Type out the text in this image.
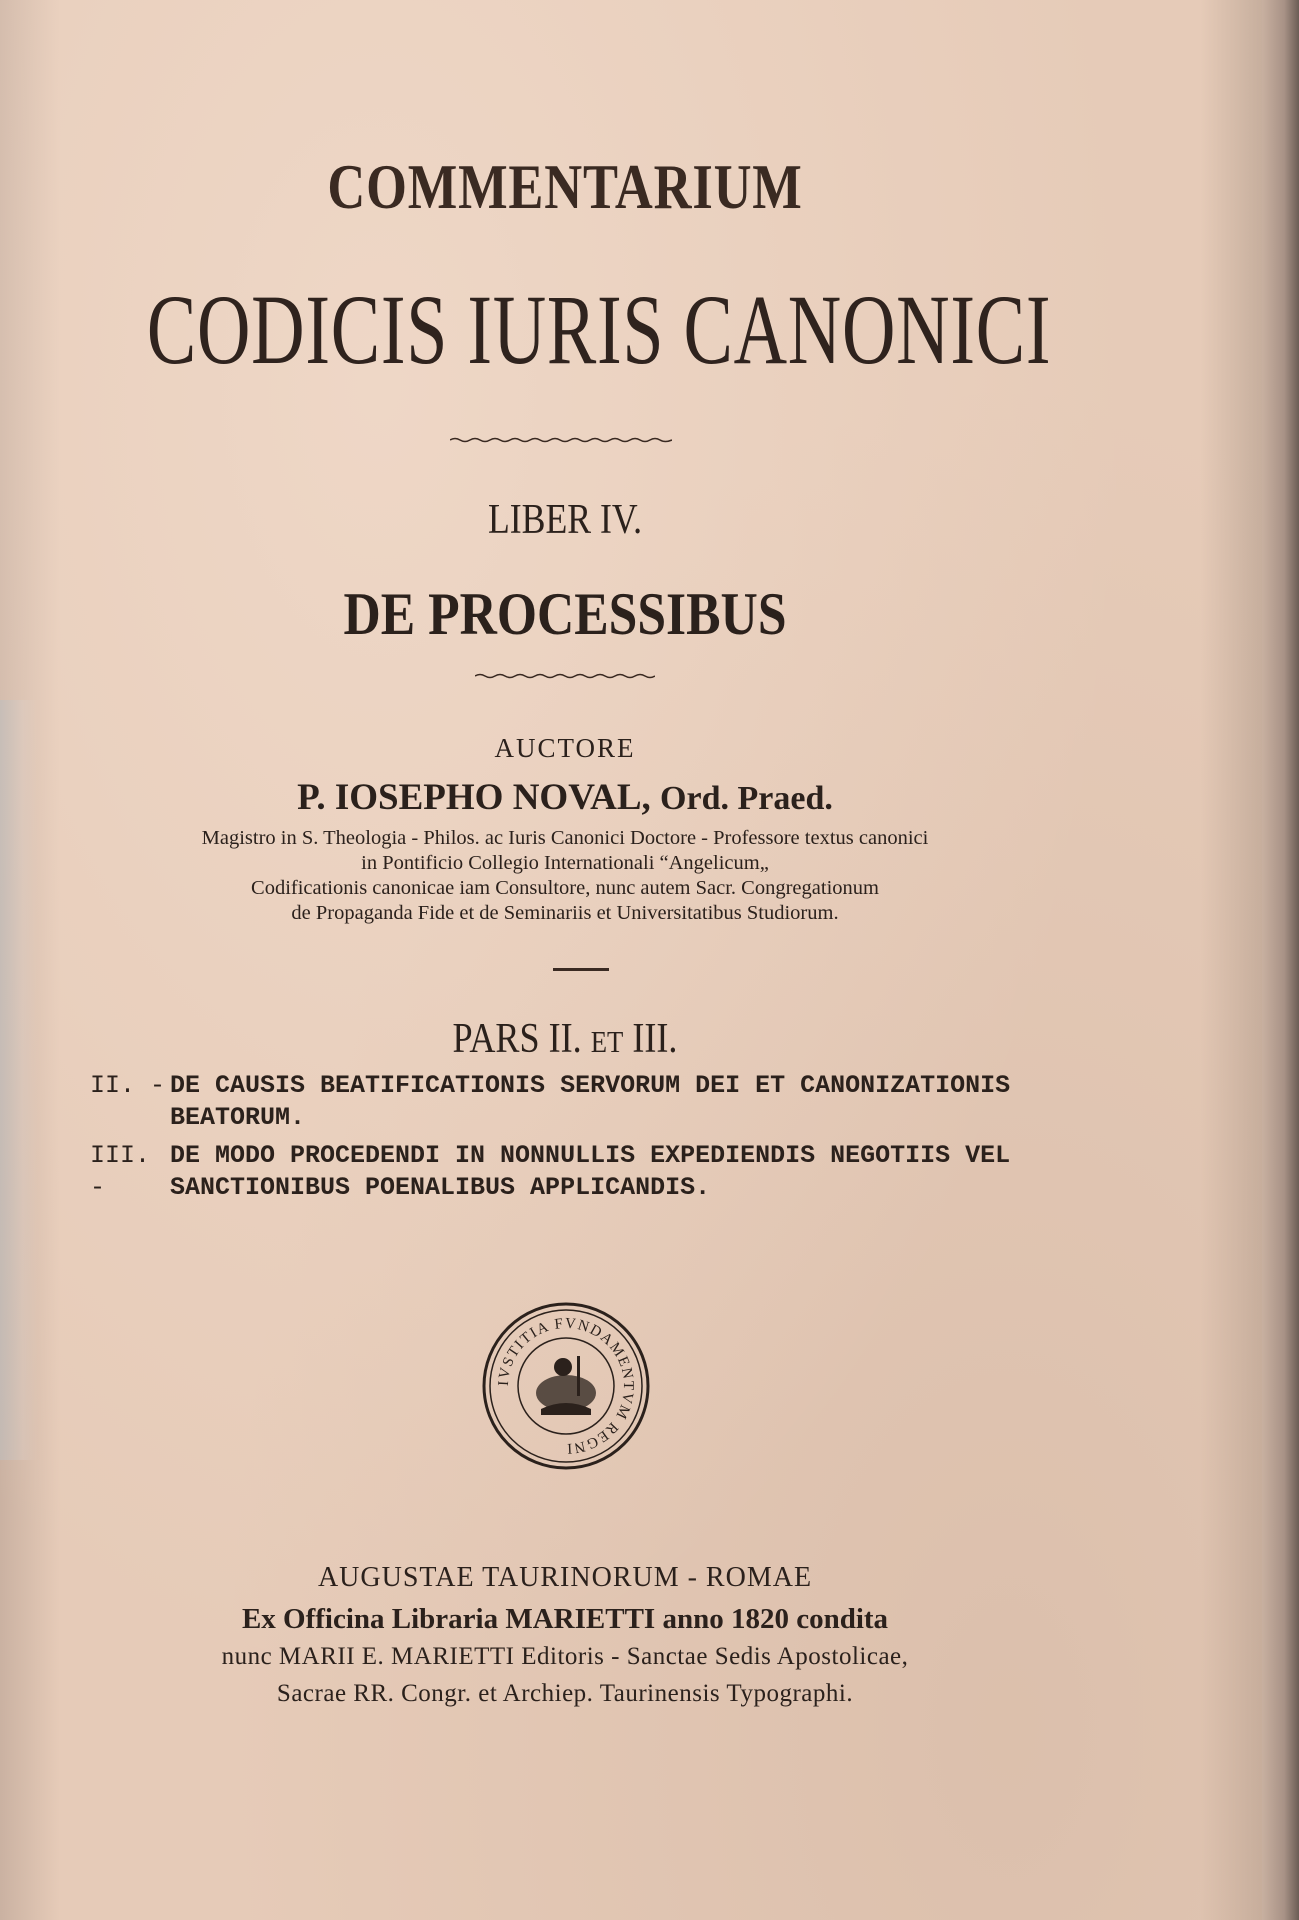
COMMENTARIUM
CODICIS IURIS CANONICI
LIBER IV.
DE PROCESSIBUS
AUCTORE
P. IOSEPHO NOVAL, Ord. Praed.
Magistro in S. Theologia - Philos. ac Iuris Canonici Doctore - Professore textus canonici
in Pontificio Collegio Internationali “Angelicum„
Codificationis canonicae iam Consultore, nunc autem Sacr. Congregationum
de Propaganda Fide et de Seminariis et Universitatibus Studiorum.
PARS II. ET III.
II. - DE CAUSIS BEATIFICATIONIS SERVORUM DEI ET CANONIZATIONIS BEATORUM.
III. -
DE MODO PROCEDENDI IN NONNULLIS EXPEDIENDIS NEGOTIIS VEL SANCTIONIBUS POENALIBUS APPLICANDIS.
IVSTITIA FVNDAMENTVM REGNI
AUGUSTAE TAURINORUM - ROMAE
Ex Officina Libraria MARIETTI anno 1820 condita
nunc MARII E. MARIETTI Editoris - Sanctae Sedis Apostolicae,
Sacrae RR. Congr. et Archiep. Taurinensis Typographi.
